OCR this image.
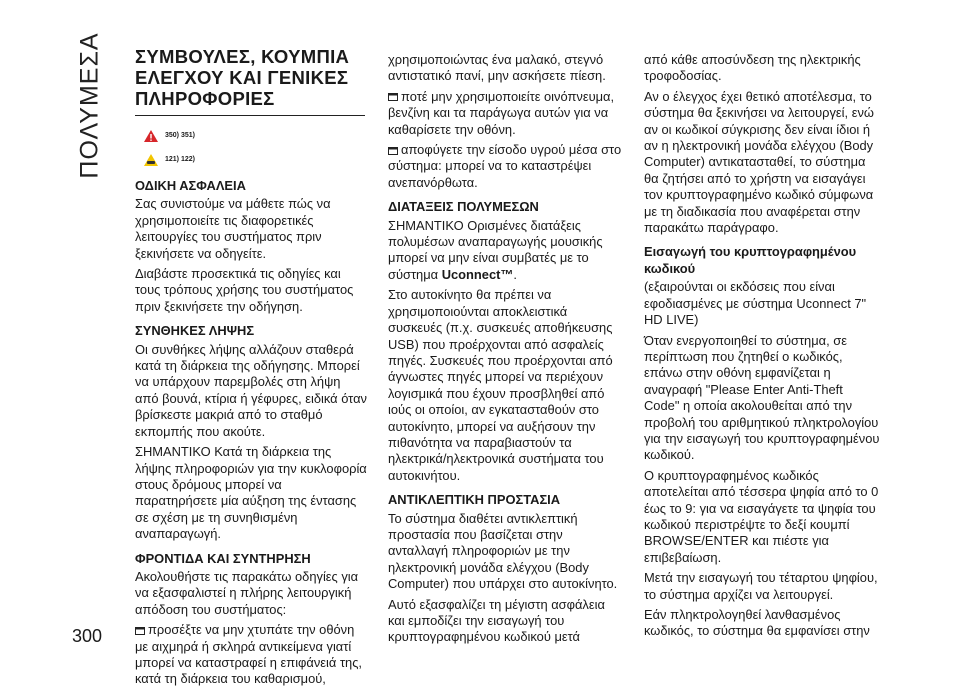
ΠΟΛΥΜΕΣΑ
300
ΣΥΜΒΟΥΛΕΣ, ΚΟΥΜΠΙΑ
ΕΛΕΓΧΟΥ ΚΑΙ ΓΕΝΙΚΕΣ
ΠΛΗΡΟΦΟΡΙΕΣ
350) 351)
121) 122)
ΟΔΙΚΗ ΑΣΦΑΛΕΙΑ

Σας συνιστούμε να μάθετε πώς να χρησιμοποιείτε τις διαφορετικές λειτουργίες του συστήματος πριν ξεκινήσετε να οδηγείτε.

Διαβάστε προσεκτικά τις οδηγίες και τους τρόπους χρήσης του συστήματος πριν ξεκινήσετε την οδήγηση.

ΣΥΝΘΗΚΕΣ ΛΗΨΗΣ

Οι συνθήκες λήψης αλλάζουν σταθερά κατά τη διάρκεια της οδήγησης. Μπορεί να υπάρχουν παρεμβολές στη λήψη από βουνά, κτίρια ή γέφυρες, ειδικά όταν βρίσκεστε μακριά από το σταθμό εκπομπής που ακούτε.

ΣΗΜΑΝΤΙΚΟ Κατά τη διάρκεια της λήψης πληροφοριών για την κυκλοφορία στους δρόμους μπορεί να παρατηρήσετε μία αύξηση της έντασης σε σχέση με τη συνηθισμένη αναπαραγωγή.

ΦΡΟΝΤΙΔΑ ΚΑΙ ΣΥΝΤΗΡΗΣΗ

Ακολουθήστε τις παρακάτω οδηγίες για να εξασφαλιστεί η πλήρης λειτουργική απόδοση του συστήματος:

προσέξτε να μην χτυπάτε την οθόνη με αιχμηρά ή σκληρά αντικείμενα γιατί μπορεί να καταστραφεί η επιφάνειά της, κατά τη διάρκεια του καθαρισμού,

χρησιμοποιώντας ένα μαλακό, στεγνό αντιστατικό πανί, μην ασκήσετε πίεση.

ποτέ μην χρησιμοποιείτε οινόπνευμα, βενζίνη και τα παράγωγα αυτών για να καθαρίσετε την οθόνη.

αποφύγετε την είσοδο υγρού μέσα στο σύστημα: μπορεί να το καταστρέψει ανεπανόρθωτα.

ΔΙΑΤΑΞΕΙΣ ΠΟΛΥΜΕΣΩΝ

ΣΗΜΑΝΤΙΚΟ Ορισμένες διατάξεις πολυμέσων αναπαραγωγής μουσικής μπορεί να μην είναι συμβατές με το σύστημα Uconnect™.

Στο αυτοκίνητο θα πρέπει να χρησιμοποιούνται αποκλειστικά συσκευές (π.χ. συσκευές αποθήκευσης USB) που προέρχονται από ασφαλείς πηγές. Συσκευές που προέρχονται από άγνωστες πηγές μπορεί να περιέχουν λογισμικά που έχουν προσβληθεί από ιούς οι οποίοι, αν εγκατασταθούν στο αυτοκίνητο, μπορεί να αυξήσουν την πιθανότητα να παραβιαστούν τα ηλεκτρικά/ηλεκτρονικά συστήματα του αυτοκινήτου.

ΑΝΤΙΚΛΕΠΤΙΚΗ ΠΡΟΣΤΑΣΙΑ

Το σύστημα διαθέτει αντικλεπτική προστασία που βασίζεται στην ανταλλαγή πληροφοριών με την ηλεκτρονική μονάδα ελέγχου (Body Computer) που υπάρχει στο αυτοκίνητο.

Αυτό εξασφαλίζει τη μέγιστη ασφάλεια και εμποδίζει την εισαγωγή του κρυπτογραφημένου κωδικού μετά

από κάθε αποσύνδεση της ηλεκτρικής τροφοδοσίας.

Αν ο έλεγχος έχει θετικό αποτέλεσμα, το σύστημα θα ξεκινήσει να λειτουργεί, ενώ αν οι κωδικοί σύγκρισης δεν είναι ίδιοι ή αν η ηλεκτρονική μονάδα ελέγχου (Body Computer) αντικατασταθεί, το σύστημα θα ζητήσει από το χρήστη να εισαγάγει τον κρυπτογραφημένο κωδικό σύμφωνα με τη διαδικασία που αναφέρεται στην παρακάτω παράγραφο.

Εισαγωγή του κρυπτογραφημένου κωδικού

(εξαιρούνται οι εκδόσεις που είναι εφοδιασμένες με σύστημα Uconnect 7" HD LIVE)

Όταν ενεργοποιηθεί το σύστημα, σε περίπτωση που ζητηθεί ο κωδικός, επάνω στην οθόνη εμφανίζεται η αναγραφή "Please Enter Anti-Theft Code" η οποία ακολουθείται από την προβολή του αριθμητικού πληκτρολογίου για την εισαγωγή του κρυπτογραφημένου κωδικού.

Ο κρυπτογραφημένος κωδικός αποτελείται από τέσσερα ψηφία από το 0 έως το 9: για να εισαγάγετε τα ψηφία του κωδικού περιστρέψτε το δεξί κουμπί BROWSE/ENTER και πιέστε για επιβεβαίωση.

Μετά την εισαγωγή του τέταρτου ψηφίου, το σύστημα αρχίζει να λειτουργεί.

Εάν πληκτρολογηθεί λανθασμένος κωδικός, το σύστημα θα εμφανίσει στην
